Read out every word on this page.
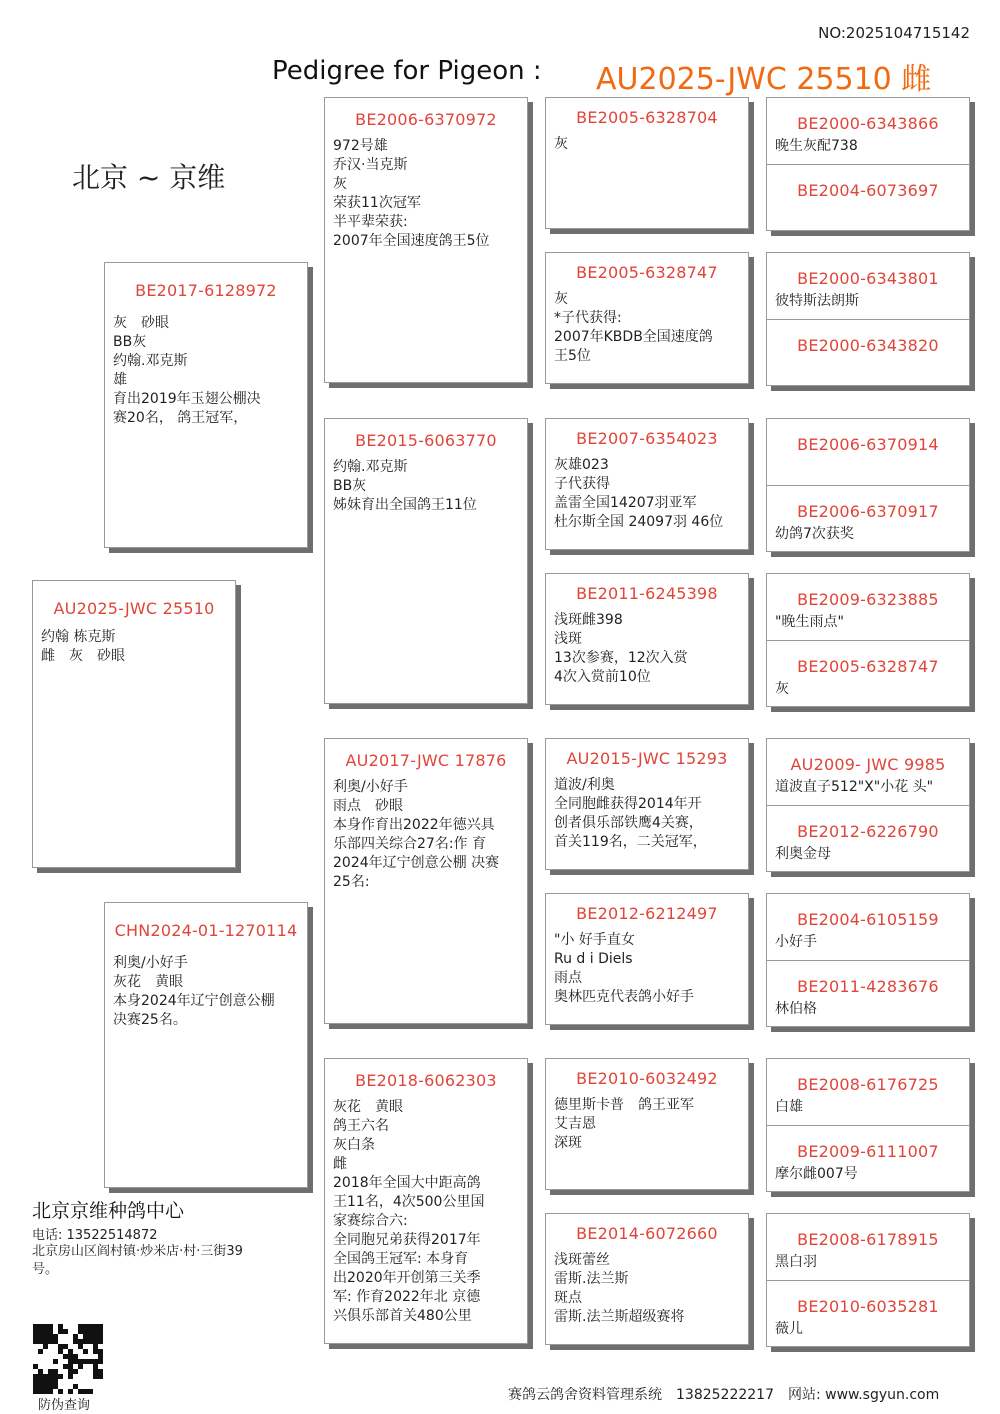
NO:2025104715142
Pedigree for Pigeon : AU2025-JWC 25510 雌
北京 ~ 京维
AU2025-JWC 25510
约翰 栋克斯
雌　灰　砂眼
BE2017-6128972
灰　砂眼
BB灰
约翰.邓克斯
雄
育出2019年玉翅公棚决
赛20名， 鸽王冠军，
CHN2024-01-1270114
利奥/小好手
灰花　黄眼
本身2024年辽宁创意公棚
决赛25名。
BE2006-6370972
972号雄
乔汉·当克斯
灰
荣获11次冠军
半平辈荣获:
2007年全国速度鸽王5位
BE2015-6063770
约翰.邓克斯
BB灰
姊妹育出全国鸽王11位
AU2017-JWC 17876
利奥/小好手
雨点　砂眼
本身作育出2022年德兴具
乐部四关综合27名:作 育
2024年辽宁创意公棚 决赛
25名:
BE2018-6062303
灰花　黄眼
鸽王六名
灰白条
雌
2018年全国大中距高鸽
王11名，4次500公里国
家赛综合六:
全同胞兄弟获得2017年
全国鸽王冠军: 本身育
出2020年开创第三关季
军: 作育2022年北 京德
兴俱乐部首关480公里
BE2005-6328704
灰
BE2005-6328747
灰
*子代获得:
2007年KBDB全国速度鸽
王5位
BE2007-6354023
灰雄023
子代获得
盖雷全国14207羽亚军
杜尔斯全国 24097羽 46位
BE2011-6245398
浅斑雌398
浅斑
13次参赛，12次入赏
4次入赏前10位
AU2015-JWC 15293
道波/利奥
全同胞雌获得2014年开
创者俱乐部铁鹰4关赛，
首关119名，二关冠军，
BE2012-6212497
"小 好手直女
Ru d i Diels
雨点
奥林匹克代表鸽小好手
BE2010-6032492
德里斯卡普　鸽王亚军
艾吉恩
深斑
BE2014-6072660
浅斑蕾丝
雷斯.法兰斯
斑点
雷斯.法兰斯超级赛将
BE2000-6343866
晚生灰配738
BE2004-6073697
BE2000-6343801
彼特斯法朗斯
BE2000-6343820
BE2006-6370914
BE2006-6370917
幼鸽7次获奖
BE2009-6323885
"晚生雨点"
BE2005-6328747
灰
AU2009- JWC 9985
道波直子512"X"小花 头"
BE2012-6226790
利奥金母
BE2004-6105159
小好手
BE2011-4283676
林伯格
BE2008-6176725
白雄
BE2009-6111007
摩尔雌007号
BE2008-6178915
黑白羽
BE2010-6035281
薇儿
北京京维种鸽中心
电话: 13522514872
北京房山区阎村镇·炒米店·村·三街39
号。
防伪查询
赛鸽云鸽舍资料管理系统　13825222217　网站: www.sgyun.com
